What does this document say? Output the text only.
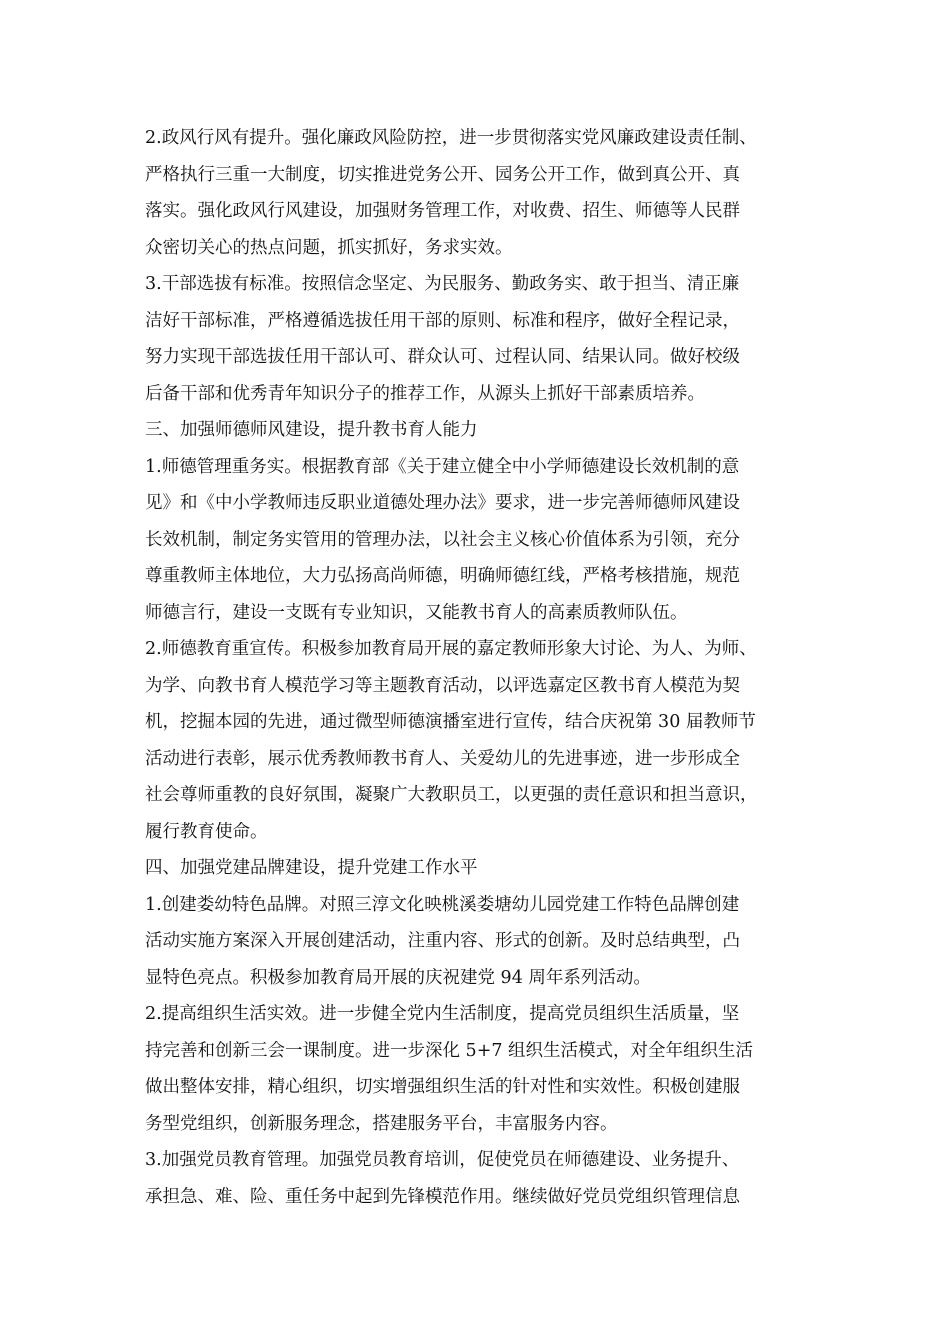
2.政风行风有提升。强化廉政风险防控，进一步贯彻落实党风廉政建设责任制、
严格执行三重一大制度，切实推进党务公开、园务公开工作，做到真公开、真
落实。强化政风行风建设，加强财务管理工作，对收费、招生、师德等人民群
众密切关心的热点问题，抓实抓好，务求实效。
3.干部选拔有标准。按照信念坚定、为民服务、勤政务实、敢于担当、清正廉
洁好干部标准，严格遵循选拔任用干部的原则、标准和程序，做好全程记录，
努力实现干部选拔任用干部认可、群众认可、过程认同、结果认同。做好校级
后备干部和优秀青年知识分子的推荐工作，从源头上抓好干部素质培养。
三、加强师德师风建设，提升教书育人能力
1.师德管理重务实。根据教育部《关于建立健全中小学师德建设长效机制的意
见》和《中小学教师违反职业道德处理办法》要求，进一步完善师德师风建设
长效机制，制定务实管用的管理办法，以社会主义核心价值体系为引领，充分
尊重教师主体地位，大力弘扬高尚师德，明确师德红线，严格考核措施，规范
师德言行，建设一支既有专业知识，又能教书育人的高素质教师队伍。
2.师德教育重宣传。积极参加教育局开展的嘉定教师形象大讨论、为人、为师、
为学、向教书育人模范学习等主题教育活动，以评选嘉定区教书育人模范为契
机，挖掘本园的先进，通过微型师德演播室进行宣传，结合庆祝第 30 届教师节
活动进行表彰，展示优秀教师教书育人、关爱幼儿的先进事迹，进一步形成全
社会尊师重教的良好氛围，凝聚广大教职员工，以更强的责任意识和担当意识，
履行教育使命。
四、加强党建品牌建设，提升党建工作水平
1.创建娄幼特色品牌。对照三淳文化映桃溪娄塘幼儿园党建工作特色品牌创建
活动实施方案深入开展创建活动，注重内容、形式的创新。及时总结典型，凸
显特色亮点。积极参加教育局开展的庆祝建党 94 周年系列活动。
2.提高组织生活实效。进一步健全党内生活制度，提高党员组织生活质量，坚
持完善和创新三会一课制度。进一步深化 5+7 组织生活模式，对全年组织生活
做出整体安排，精心组织，切实增强组织生活的针对性和实效性。积极创建服
务型党组织，创新服务理念，搭建服务平台，丰富服务内容。
3.加强党员教育管理。加强党员教育培训，促使党员在师德建设、业务提升、
承担急、难、险、重任务中起到先锋模范作用。继续做好党员党组织管理信息
